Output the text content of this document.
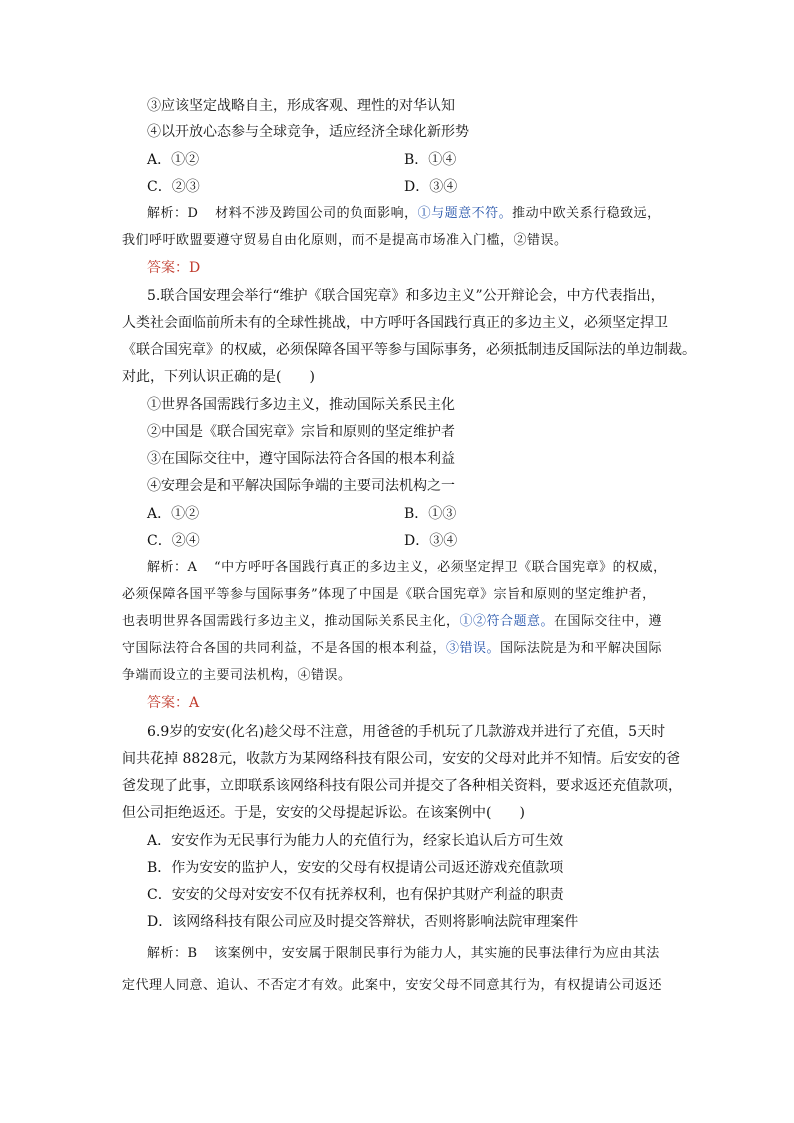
③应该坚定战略自主，形成客观、理性的对华认知
④以开放心态参与全球竞争，适应经济全球化新形势
A．①②	B．①④
C．②③	D．③④
解析：D 材料不涉及跨国公司的负面影响，①与题意不符。推动中欧关系行稳致远，
我们呼吁欧盟要遵守贸易自由化原则，而不是提高市场准入门槛，②错误。
答案：D
5.联合国安理会举行“维护《联合国宪章》和多边主义”公开辩论会，中方代表指出，
人类社会面临前所未有的全球性挑战，中方呼吁各国践行真正的多边主义，必须坚定捍卫
《联合国宪章》的权威，必须保障各国平等参与国际事务，必须抵制违反国际法的单边制裁。
对此，下列认识正确的是(　　)
①世界各国需践行多边主义，推动国际关系民主化
②中国是《联合国宪章》宗旨和原则的坚定维护者
③在国际交往中，遵守国际法符合各国的根本利益
④安理会是和平解决国际争端的主要司法机构之一
A．①②	B．①③
C．②④	D．③④
解析：A “中方呼吁各国践行真正的多边主义，必须坚定捍卫《联合国宪章》的权威，
必须保障各国平等参与国际事务”体现了中国是《联合国宪章》宗旨和原则的坚定维护者，
也表明世界各国需践行多边主义，推动国际关系民主化，①②符合题意。在国际交往中，遵
守国际法符合各国的共同利益，不是各国的根本利益，③错误。国际法院是为和平解决国际
争端而设立的主要司法机构，④错误。
答案：A
6.9岁的安安(化名)趁父母不注意，用爸爸的手机玩了几款游戏并进行了充值，5天时
间共花掉 8828元，收款方为某网络科技有限公司，安安的父母对此并不知情。后安安的爸
爸发现了此事，立即联系该网络科技有限公司并提交了各种相关资料，要求返还充值款项，
但公司拒绝返还。于是，安安的父母提起诉讼。在该案例中(　　)
A．安安作为无民事行为能力人的充值行为，经家长追认后方可生效
B．作为安安的监护人，安安的父母有权提请公司返还游戏充值款项
C．安安的父母对安安不仅有抚养权利，也有保护其财产利益的职责
D．该网络科技有限公司应及时提交答辩状，否则将影响法院审理案件
解析：B 该案例中，安安属于限制民事行为能力人，其实施的民事法律行为应由其法
定代理人同意、追认、不否定才有效。此案中，安安父母不同意其行为，有权提请公司返还
